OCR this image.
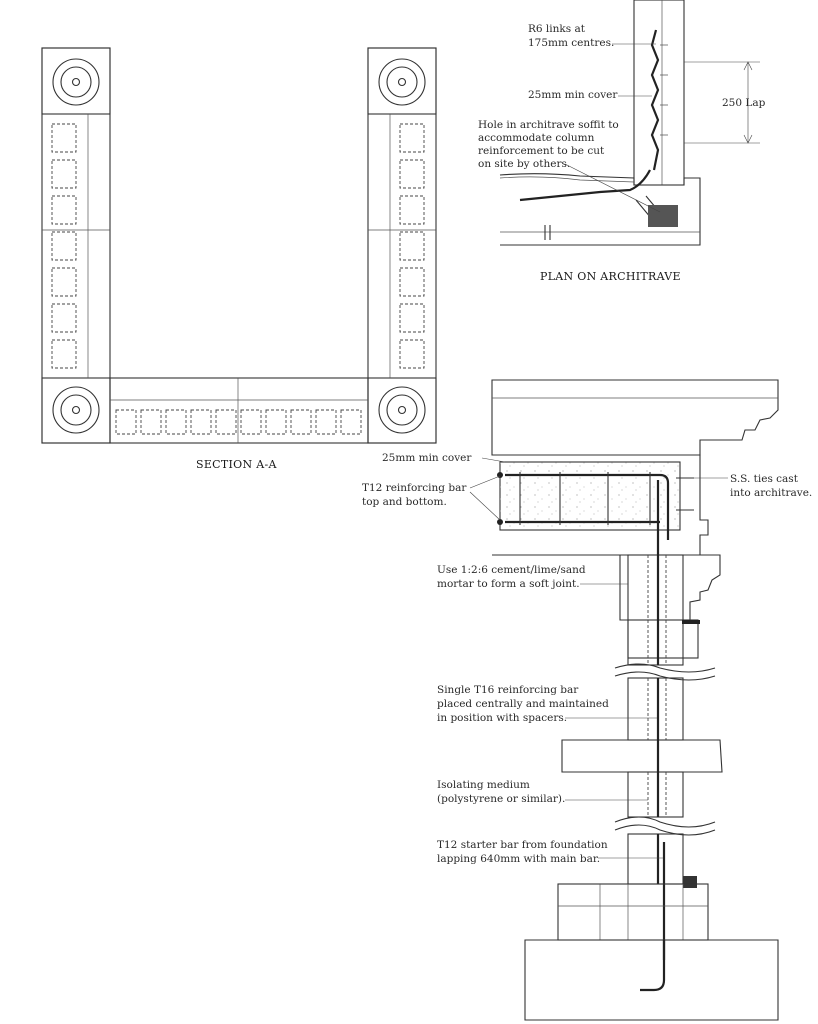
SECTION A-A
250 Lap
R6 links at 175mm centres.
25mm min cover
Hole in architrave soffit to accommodate column reinforcement to be cut on site by others.
PLAN ON ARCHITRAVE
25mm min cover
S.S. ties cast into architrave.
T12 reinforcing bar top and bottom.
Use 1:2:6 cement/lime/sand mortar to form a soft joint.
Single T16 reinforcing bar placed centrally and maintained in position with spacers.
Isolating medium (polystyrene or similar).
T12 starter bar from foundation lapping 640mm with main bar.
